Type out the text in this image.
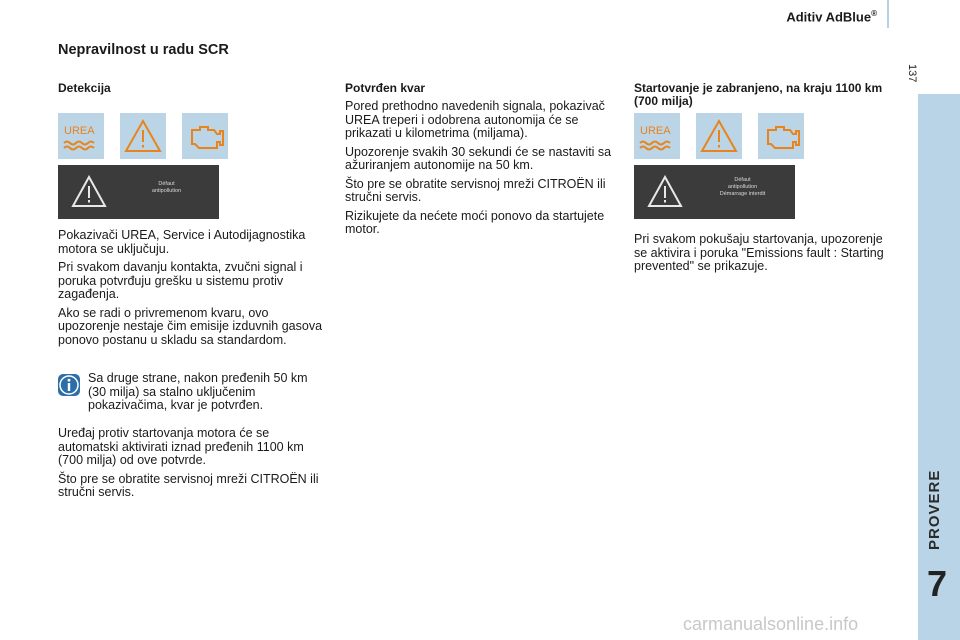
Aditiv AdBlue®
137
PROVERE
7
Nepravilnost u radu SCR
Detekcija
UREA
Défaut
antipollution

Pokazivači UREA, Service i Autodijagnostika motora se uključuju.

Pri svakom davanju kontakta, zvučni signal i poruka potvrđuju grešku u sistemu protiv zagađenja.

Ako se radi o privremenom kvaru, ovo upozorenje nestaje čim emisije izduvnih gasova ponovo postanu u skladu sa standardom.

Sa druge strane, nakon pređenih 50 km (30 milja) sa stalno uključenim pokazivačima, kvar je potvrđen.

Uređaj protiv startovanja motora će se automatski aktivirati iznad pređenih 1100 km (700 milja) od ove potvrde.

Što pre se obratite servisnoj mreži CITROËN ili stručni servis.

Potvrđen kvar

Pored prethodno navedenih signala, pokazivač UREA treperi i odobrena autonomija će se prikazati u kilometrima (miljama).

Upozorenje svakih 30 sekundi će se nastaviti sa ažuriranjem autonomije na 50 km.

Što pre se obratite servisnoj mreži CITROËN ili stručni servis.

Rizikujete da nećete moći ponovo da startujete motor.

Startovanje je zabranjeno, na kraju 1100 km (700 milja)
UREA
Défaut
antipollution
Démarrage interdit

Pri svakom pokušaju startovanja, upozorenje se aktivira i poruka "Emissions fault : Starting prevented" se prikazuje.

carmanualsonline.info
